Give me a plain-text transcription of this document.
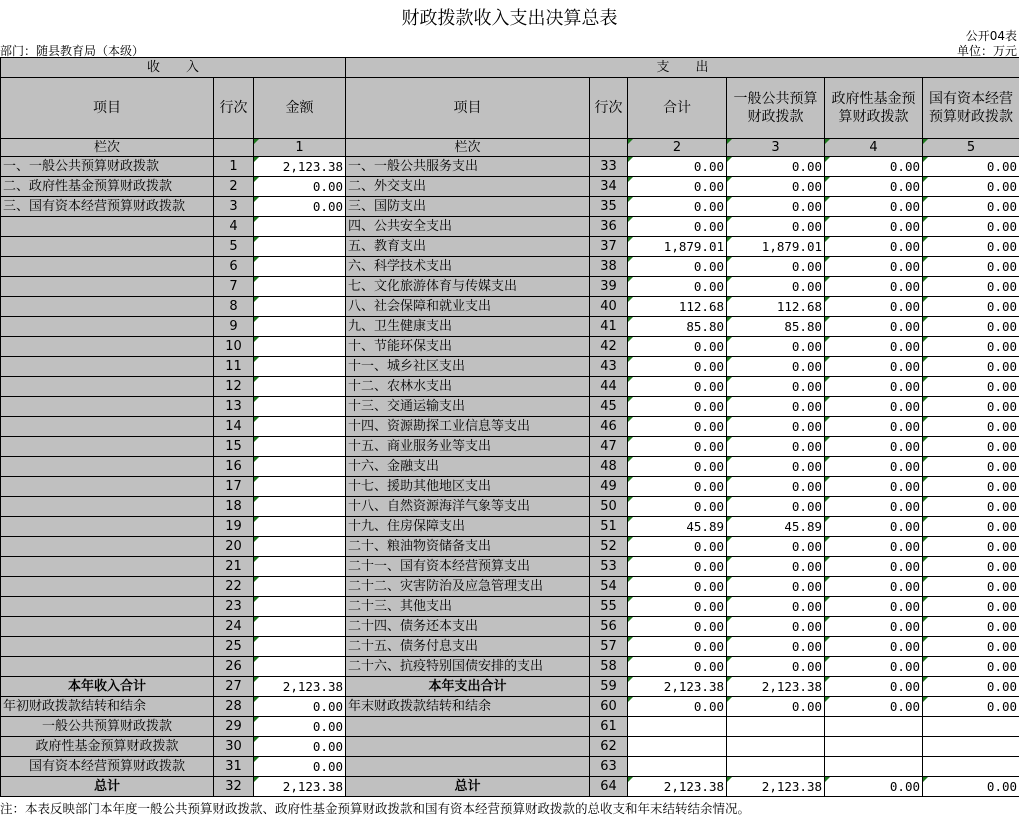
财政拨款收入支出决算总表
公开04表
部门：随县教育局（本级）	单位：万元
收　　入			支　　出					
项目	行次	金额	项目	行次	合计	一般公共预算财政拨款	政府性基金预算财政拨款	国有资本经营预算财政拨款
栏次		1	栏次		2	3	4	5
一、一般公共预算财政拨款	1	2,123.38	一、一般公共服务支出	33	0.00	0.00	0.00	0.00
二、政府性基金预算财政拨款	2	0.00	二、外交支出	34	0.00	0.00	0.00	0.00
三、国有资本经营预算财政拨款	3	0.00	三、国防支出	35	0.00	0.00	0.00	0.00
	4		四、公共安全支出	36	0.00	0.00	0.00	0.00
	5		五、教育支出	37	1,879.01	1,879.01	0.00	0.00
	6		六、科学技术支出	38	0.00	0.00	0.00	0.00
	7		七、文化旅游体育与传媒支出	39	0.00	0.00	0.00	0.00
	8		八、社会保障和就业支出	40	112.68	112.68	0.00	0.00
	9		九、卫生健康支出	41	85.80	85.80	0.00	0.00
	10		十、节能环保支出	42	0.00	0.00	0.00	0.00
	11		十一、城乡社区支出	43	0.00	0.00	0.00	0.00
	12		十二、农林水支出	44	0.00	0.00	0.00	0.00
	13		十三、交通运输支出	45	0.00	0.00	0.00	0.00
	14		十四、资源勘探工业信息等支出	46	0.00	0.00	0.00	0.00
	15		十五、商业服务业等支出	47	0.00	0.00	0.00	0.00
	16		十六、金融支出	48	0.00	0.00	0.00	0.00
	17		十七、援助其他地区支出	49	0.00	0.00	0.00	0.00
	18		十八、自然资源海洋气象等支出	50	0.00	0.00	0.00	0.00
	19		十九、住房保障支出	51	45.89	45.89	0.00	0.00
	20		二十、粮油物资储备支出	52	0.00	0.00	0.00	0.00
	21		二十一、国有资本经营预算支出	53	0.00	0.00	0.00	0.00
	22		二十二、灾害防治及应急管理支出	54	0.00	0.00	0.00	0.00
	23		二十三、其他支出	55	0.00	0.00	0.00	0.00
	24		二十四、债务还本支出	56	0.00	0.00	0.00	0.00
	25		二十五、债务付息支出	57	0.00	0.00	0.00	0.00
	26		二十六、抗疫特别国债安排的支出	58	0.00	0.00	0.00	0.00
本年收入合计	27	2,123.38	本年支出合计	59	2,123.38	2,123.38	0.00	0.00
年初财政拨款结转和结余	28	0.00	年末财政拨款结转和结余	60	0.00	0.00	0.00	0.00
一般公共预算财政拨款	29	0.00		61				
政府性基金预算财政拨款	30	0.00		62				
国有资本经营预算财政拨款	31	0.00		63				
总计	32	2,123.38	总计	64	2,123.38	2,123.38	0.00	0.00
注：本表反映部门本年度一般公共预算财政拨款、政府性基金预算财政拨款和国有资本经营预算财政拨款的总收支和年末结转结余情况。
